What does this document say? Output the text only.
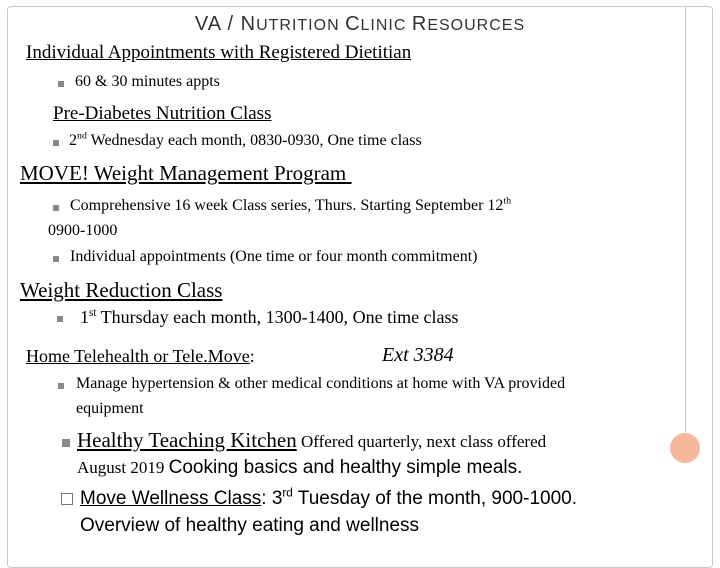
VA / NUTRITION CLINIC RESOURCES
Individual Appointments with Registered Dietitian
60 & 30 minutes appts
Pre-Diabetes Nutrition Class
2nd Wednesday each month, 0830-0930, One time class
MOVE! Weight Management Program
Comprehensive 16 week Class series, Thurs. Starting September 12th
0900-1000
Individual appointments (One time or four month commitment)
Weight Reduction Class
1st Thursday each month, 1300-1400, One time class
Home Telehealth or Tele.Move:	Ext 3384
Manage hypertension & other medical conditions at home with VA provided
equipment
Healthy Teaching Kitchen Offered quarterly, next class offered
August 2019 Cooking basics and healthy simple meals.
Move Wellness Class: 3rd Tuesday of the month, 900-1000.
Overview of healthy eating and wellness
